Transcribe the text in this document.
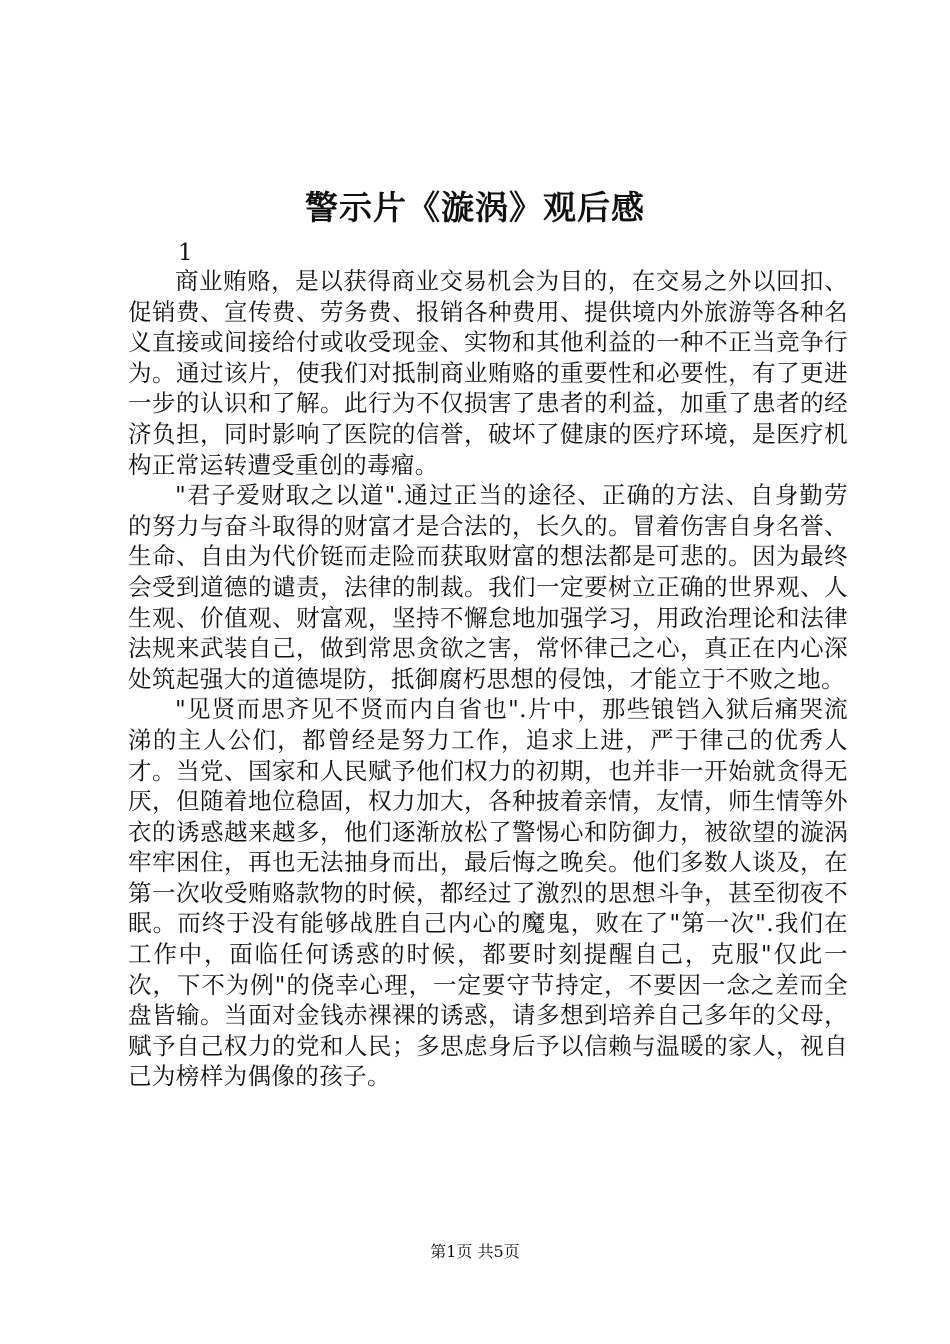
警示片《漩涡》观后感
1

商业贿赂，是以获得商业交易机会为目的，在交易之外以回扣、促销费、宣传费、劳务费、报销各种费用、提供境内外旅游等各种名义直接或间接给付或收受现金、实物和其他利益的一种不正当竞争行为。通过该片，使我们对抵制商业贿赂的重要性和必要性，有了更进一步的认识和了解。此行为不仅损害了患者的利益，加重了患者的经济负担，同时影响了医院的信誉，破坏了健康的医疗环境，是医疗机构正常运转遭受重创的毒瘤。

"君子爱财取之以道".通过正当的途径、正确的方法、自身勤劳的努力与奋斗取得的财富才是合法的，长久的。冒着伤害自身名誉、生命、自由为代价铤而走险而获取财富的想法都是可悲的。因为最终会受到道德的谴责，法律的制裁。我们一定要树立正确的世界观、人生观、价值观、财富观，坚持不懈怠地加强学习，用政治理论和法律法规来武装自己，做到常思贪欲之害，常怀律己之心，真正在内心深处筑起强大的道德堤防，抵御腐朽思想的侵蚀，才能立于不败之地。

"见贤而思齐见不贤而内自省也".片中，那些锒铛入狱后痛哭流涕的主人公们，都曾经是努力工作，追求上进，严于律己的优秀人才。当党、国家和人民赋予他们权力的初期，也并非一开始就贪得无厌，但随着地位稳固，权力加大，各种披着亲情，友情，师生情等外衣的诱惑越来越多，他们逐渐放松了警惕心和防御力，被欲望的漩涡牢牢困住，再也无法抽身而出，最后悔之晚矣。他们多数人谈及，在第一次收受贿赂款物的时候，都经过了激烈的思想斗争，甚至彻夜不眠。而终于没有能够战胜自己内心的魔鬼，败在了"第一次".我们在工作中，面临任何诱惑的时候，都要时刻提醒自己，克服"仅此一次，下不为例"的侥幸心理，一定要守节持定，不要因一念之差而全盘皆输。当面对金钱赤裸裸的诱惑，请多想到培养自己多年的父母，赋予自己权力的党和人民；多思虑身后予以信赖与温暖的家人，视自己为榜样为偶像的孩子。

第1页 共5页
